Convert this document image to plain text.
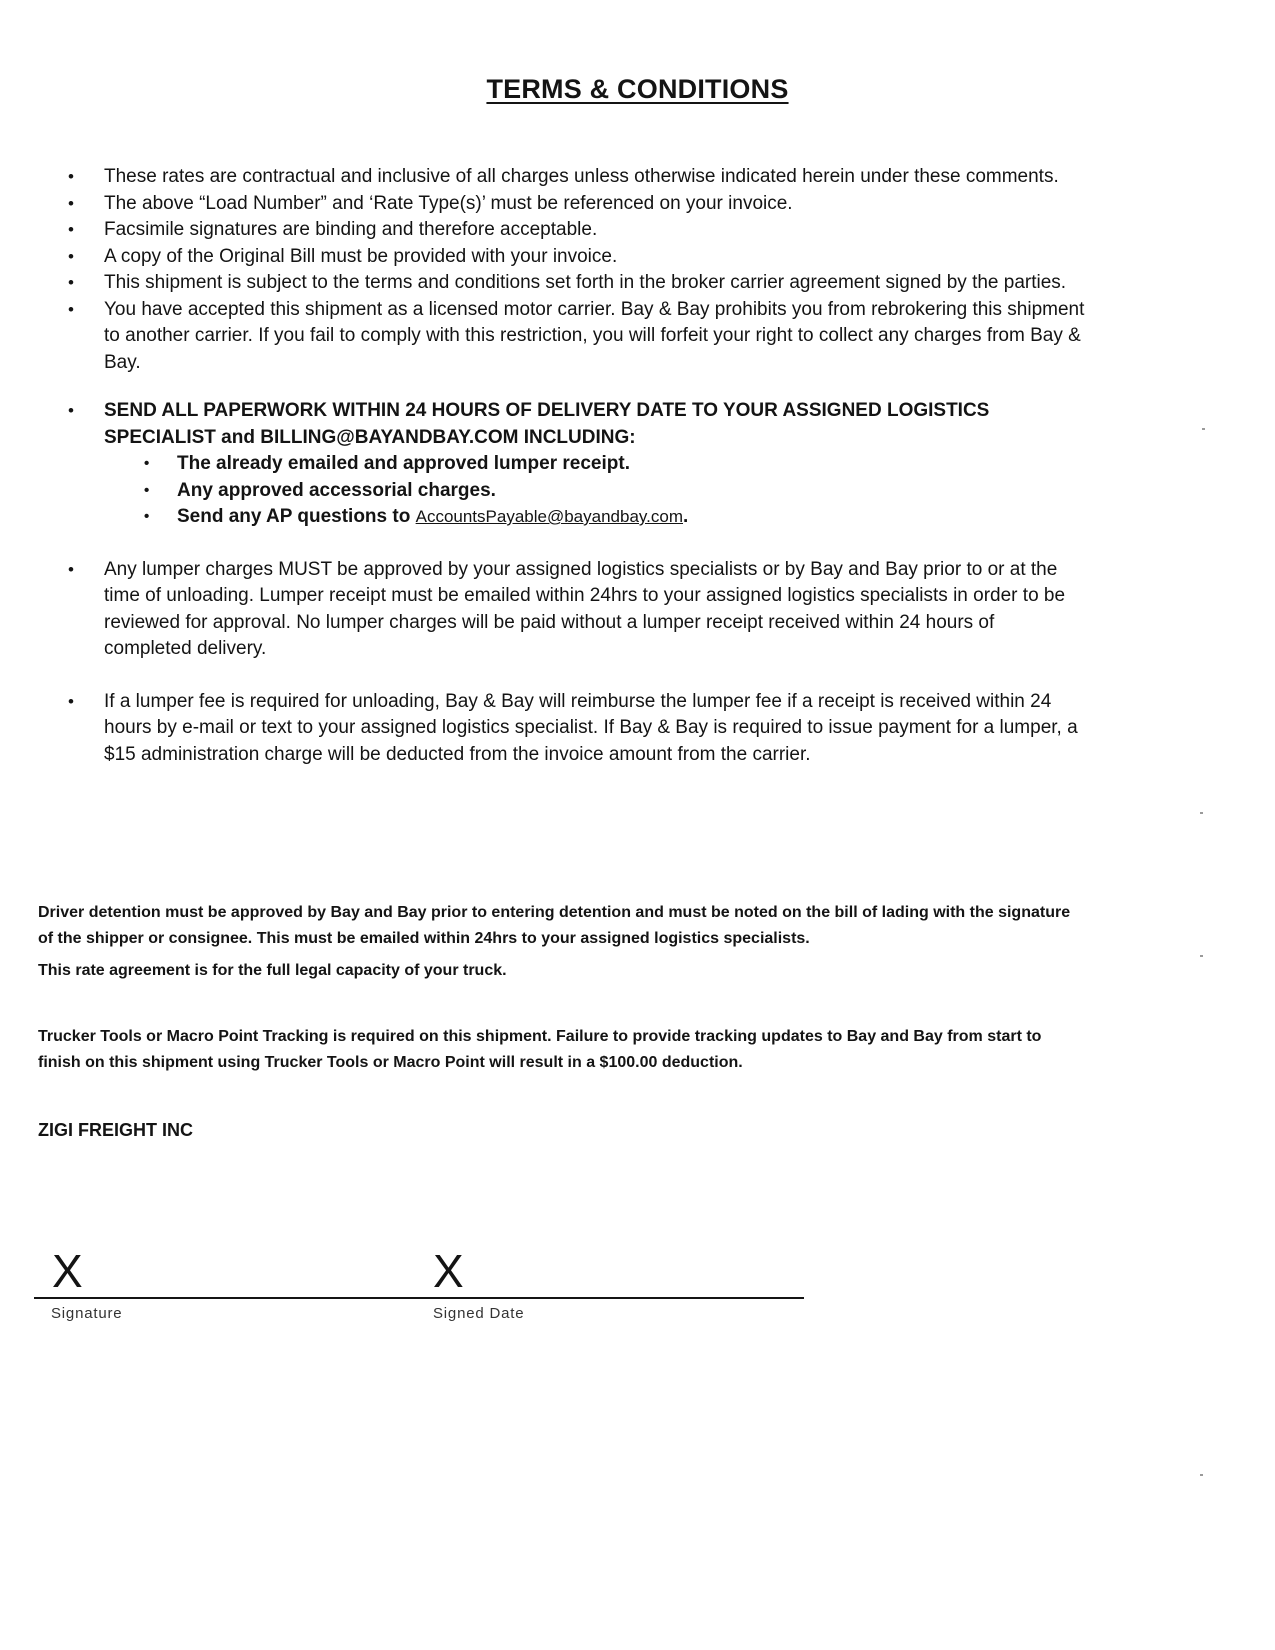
TERMS & CONDITIONS
• These rates are contractual and inclusive of all charges unless otherwise indicated herein under these comments.
• The above “Load Number” and ‘Rate Type(s)’ must be referenced on your invoice.
• Facsimile signatures are binding and therefore acceptable.
• A copy of the Original Bill must be provided with your invoice.
• This shipment is subject to the terms and conditions set forth in the broker carrier agreement signed by the parties.
• You have accepted this shipment as a licensed motor carrier. Bay & Bay prohibits you from rebrokering this shipment to another carrier. If you fail to comply with this restriction, you will forfeit your right to collect any charges from Bay & Bay.
• SEND ALL PAPERWORK WITHIN 24 HOURS OF DELIVERY DATE TO YOUR ASSIGNED LOGISTICS SPECIALIST and BILLING@BAYANDBAY.COM INCLUDING:
• The already emailed and approved lumper receipt.
• Any approved accessorial charges.
• Send any AP questions to AccountsPayable@bayandbay.com.
• Any lumper charges MUST be approved by your assigned logistics specialists or by Bay and Bay prior to or at the time of unloading. Lumper receipt must be emailed within 24hrs to your assigned logistics specialists in order to be reviewed for approval. No lumper charges will be paid without a lumper receipt received within 24 hours of completed delivery.
• If a lumper fee is required for unloading, Bay & Bay will reimburse the lumper fee if a receipt is received within 24 hours by e-mail or text to your assigned logistics specialist. If Bay & Bay is required to issue payment for a lumper, a $15 administration charge will be deducted from the invoice amount from the carrier.

Driver detention must be approved by Bay and Bay prior to entering detention and must be noted on the bill of lading with the signature of the shipper or consignee. This must be emailed within 24hrs to your assigned logistics specialists.

This rate agreement is for the full legal capacity of your truck.

Trucker Tools or Macro Point Tracking is required on this shipment. Failure to provide tracking updates to Bay and Bay from start to finish on this shipment using Trucker Tools or Macro Point will result in a $100.00 deduction.

ZIGI FREIGHT INC

X	X
Signature	Signed Date
